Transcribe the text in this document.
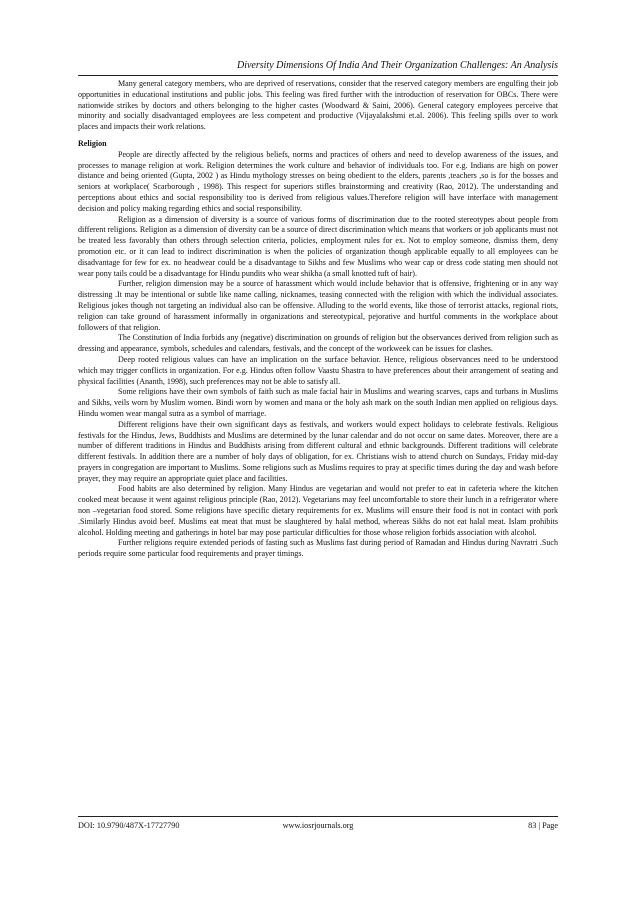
Diversity Dimensions Of India And Their Organization Challenges: An Analysis

Many general category members, who are deprived of reservations, consider that the reserved category members are engulfing their job opportunities in educational institutions and public jobs. This feeling was fired further with the introduction of reservation for OBCs. There were nationwide strikes by doctors and others belonging to the higher castes (Woodward & Saini, 2006). General category employees perceive that minority and socially disadvantaged employees are less competent and productive (Vijayalakshmi et.al. 2006). This feeling spills over to work places and impacts their work relations.

Religion

People are directly affected by the religious beliefs, norms and practices of others and need to develop awareness of the issues, and processes to manage religion at work. Religion determines the work culture and behavior of individuals too. For e.g. Indians are high on power distance and being oriented (Gupta, 2002 ) as Hindu mythology stresses on being obedient to the elders, parents ,teachers ,so is for the bosses and seniors at workplace( Scarborough , 1998). This respect for superiors stifles brainstorming and creativity (Rao, 2012). The understanding and perceptions about ethics and social responsibility too is derived from religious values.Therefore religion will have interface with management decision and policy making regarding ethics and social responsibility.

Religion as a dimension of diversity is a source of various forms of discrimination due to the rooted stereotypes about people from different religions. Religion as a dimension of diversity can be a source of direct discrimination which means that workers or job applicants must not be treated less favorably than others through selection criteria, policies, employment rules for ex. Not to employ someone, dismiss them, deny promotion etc. or it can lead to indirect discrimination is when the policies of organization though applicable equally to all employees can be disadvantage for few for ex. no headwear could be a disadvantage to Sikhs and few Muslims who wear cap or dress code stating men should not wear pony tails could be a disadvantage for Hindu pundits who wear shikha (a small knotted tuft of hair).

Further, religion dimension may be a source of harassment which would include behavior that is offensive, frightening or in any way distressing .It may be intentional or subtle like name calling, nicknames, teasing connected with the religion with which the individual associates. Religious jokes though not targeting an individual also can be offensive. Alluding to the world events, like those of terrorist attacks, regional riots, religion can take ground of harassment informally in organizations and stereotypical, pejorative and hurtful comments in the workplace about followers of that religion.

The Constitution of India forbids any (negative) discrimination on grounds of religion but the observances derived from religion such as dressing and appearance, symbols, schedules and calendars, festivals, and the concept of the workweek can be issues for clashes.

Deep rooted religious values can have an implication on the surface behavior. Hence, religious observances need to be understood which may trigger conflicts in organization. For e.g. Hindus often follow Vaastu Shastra to have preferences about their arrangement of seating and physical facilities (Ananth, 1998), such preferences may not be able to satisfy all.

Some religions have their own symbols of faith such as male facial hair in Muslims and wearing scarves, caps and turbans in Muslims and Sikhs, veils worn by Muslim women. Bindi worn by women and mana or the holy ash mark on the south Indian men applied on religious days. Hindu women wear mangal sutra as a symbol of marriage.

Different religions have their own significant days as festivals, and workers would expect holidays to celebrate festivals. Religious festivals for the Hindus, Jews, Buddhists and Muslims are determined by the lunar calendar and do not occur on same dates. Moreover, there are a number of different traditions in Hindus and Buddhists arising from different cultural and ethnic backgrounds. Different traditions will celebrate different festivals. In addition there are a number of holy days of obligation, for ex. Christians wish to attend church on Sundays, Friday mid-day prayers in congregation are important to Muslims. Some religions such as Muslims requires to pray at specific times during the day and wash before prayer, they may require an appropriate quiet place and facilities.

Food habits are also determined by religion. Many Hindus are vegetarian and would not prefer to eat in cafeteria where the kitchen cooked meat because it went against religious principle (Rao, 2012). Vegetarians may feel uncomfortable to store their lunch in a refrigerator where non –vegetarian food stored. Some religions have specific dietary requirements for ex. Muslims will ensure their food is not in contact with pork .Similarly Hindus avoid beef. Muslims eat meat that must be slaughtered by halal method, whereas Sikhs do not eat halal meat. Islam prohibits alcohol. Holding meeting and gatherings in hotel bar may pose particular difficulties for those whose religion forbids association with alcohol.

Further religions require extended periods of fasting such as Muslims fast during period of Ramadan and Hindus during Navratri .Such periods require some particular food requirements and prayer timings.

DOI: 10.9790/487X-17727790	www.iosrjournals.org	83 | Page
